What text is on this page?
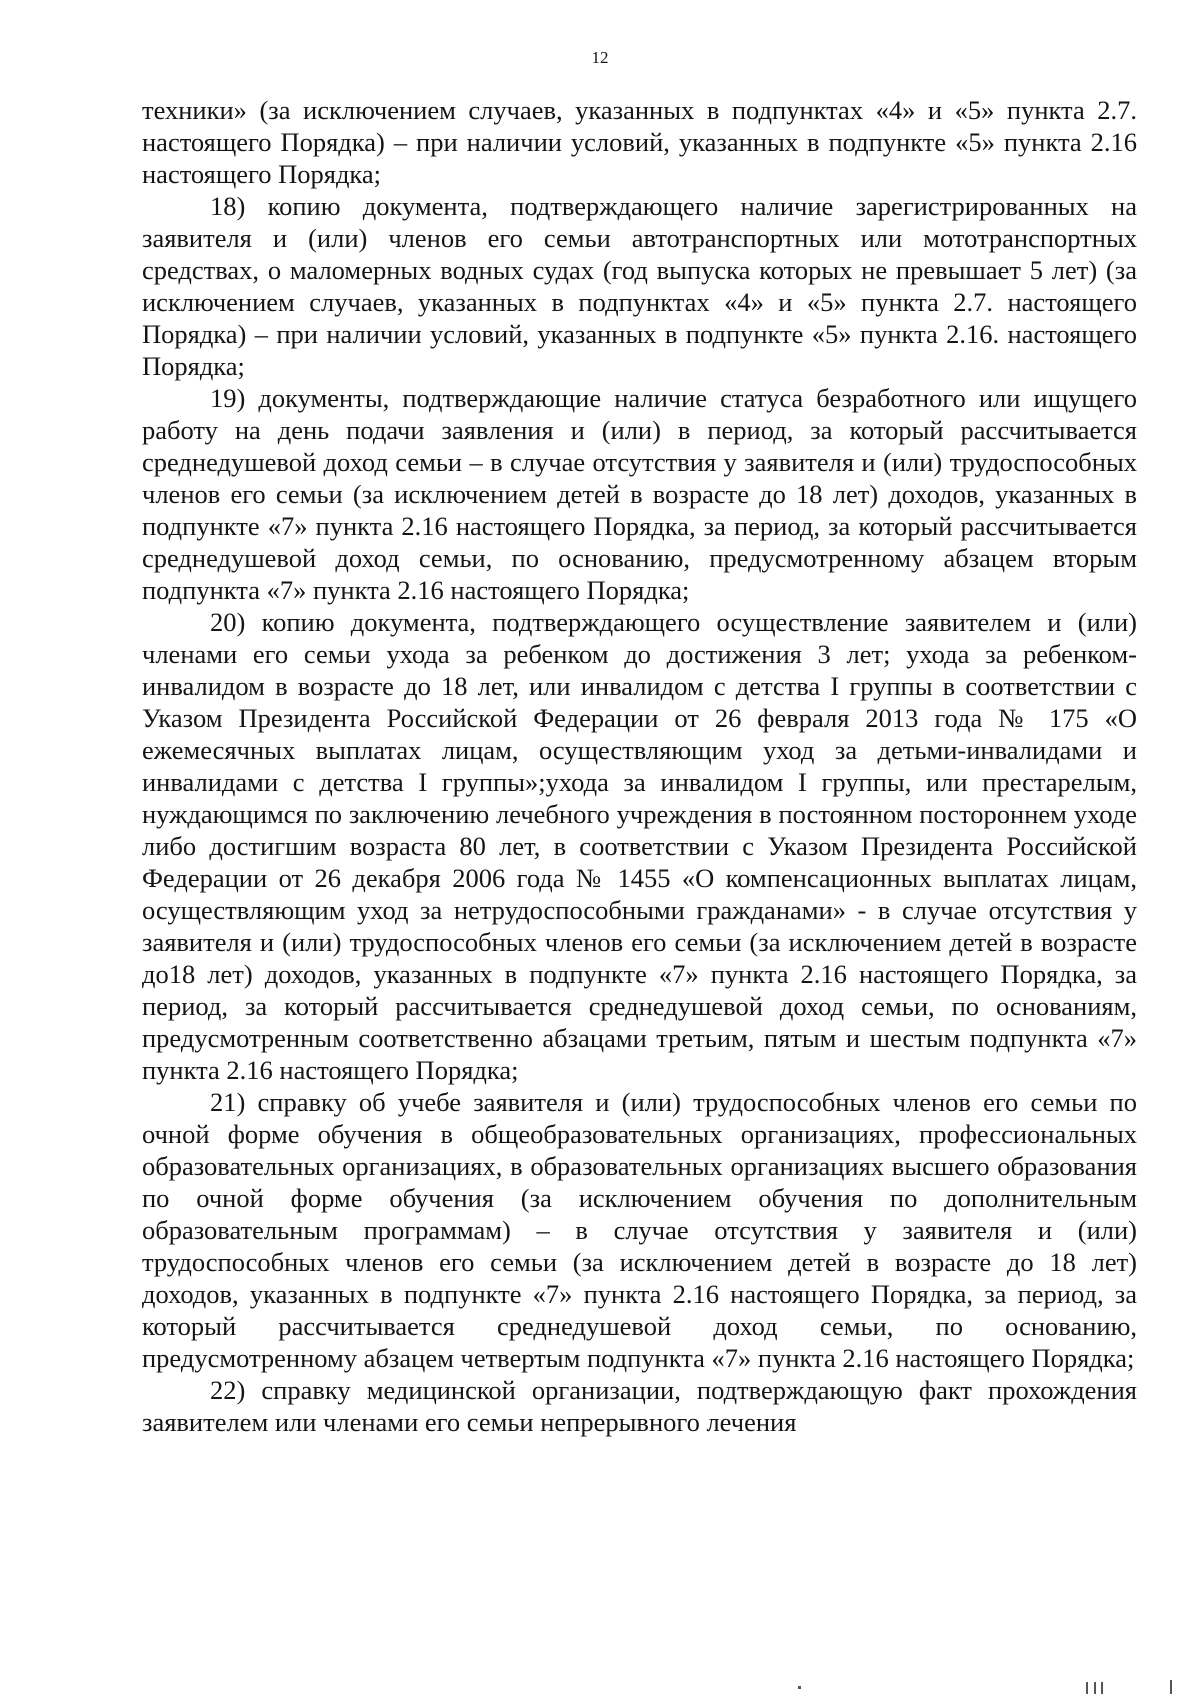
12

техники» (за исключением случаев, указанных в подпунктах «4» и «5» пункта 2.7. настоящего Порядка) – при наличии условий, указанных в подпункте «5» пункта 2.16 настоящего Порядка;

18) копию документа, подтверждающего наличие зарегистрированных на заявителя и (или) членов его семьи автотранспортных или мототранспортных средствах, о маломерных водных судах (год выпуска которых не превышает 5 лет) (за исключением случаев, указанных в подпунктах «4» и «5» пункта 2.7. настоящего Порядка) – при наличии условий, указанных в подпункте «5» пункта 2.16. настоящего Порядка;

19) документы, подтверждающие наличие статуса безработного или ищущего работу на день подачи заявления и (или) в период, за который рассчитывается среднедушевой доход семьи – в случае отсутствия у заявителя и (или) трудоспособных членов его семьи (за исключением детей в возрасте до 18 лет) доходов, указанных в подпункте «7» пункта 2.16 настоящего Порядка, за период, за который рассчитывается среднедушевой доход семьи, по основанию, предусмотренному абзацем вторым подпункта «7» пункта 2.16 настоящего Порядка;

20) копию документа, подтверждающего осуществление заявителем и (или) членами его семьи ухода за ребенком до достижения 3 лет; ухода за ребенком-инвалидом в возрасте до 18 лет, или инвалидом с детства I группы в соответствии с Указом Президента Российской Федерации от 26 февраля 2013 года № 175 «О ежемесячных выплатах лицам, осуществляющим уход за детьми-инвалидами и инвалидами с детства I группы»;ухода за инвалидом I группы, или престарелым, нуждающимся по заключению лечебного учреждения в постоянном постороннем уходе либо достигшим возраста 80 лет, в соответствии с Указом Президента Российской Федерации от 26 декабря 2006 года № 1455 «О компенсационных выплатах лицам, осуществляющим уход за нетрудоспособными гражданами» - в случае отсутствия у заявителя и (или) трудоспособных членов его семьи (за исключением детей в возрасте до18 лет) доходов, указанных в подпункте «7» пункта 2.16 настоящего Порядка, за период, за который рассчитывается среднедушевой доход семьи, по основаниям, предусмотренным соответственно абзацами третьим, пятым и шестым подпункта «7» пункта 2.16 настоящего Порядка;

21) справку об учебе заявителя и (или) трудоспособных членов его семьи по очной форме обучения в общеобразовательных организациях, профессиональных образовательных организациях, в образовательных организациях высшего образования по очной форме обучения (за исключением обучения по дополнительным образовательным программам) – в случае отсутствия у заявителя и (или) трудоспособных членов его семьи (за исключением детей в возрасте до 18 лет) доходов, указанных в подпункте «7» пункта 2.16 настоящего Порядка, за период, за который рассчитывается среднедушевой доход семьи, по основанию, предусмотренному абзацем четвертым подпункта «7» пункта 2.16 настоящего Порядка;

22) справку медицинской организации, подтверждающую факт прохождения заявителем или членами его семьи непрерывного лечения
